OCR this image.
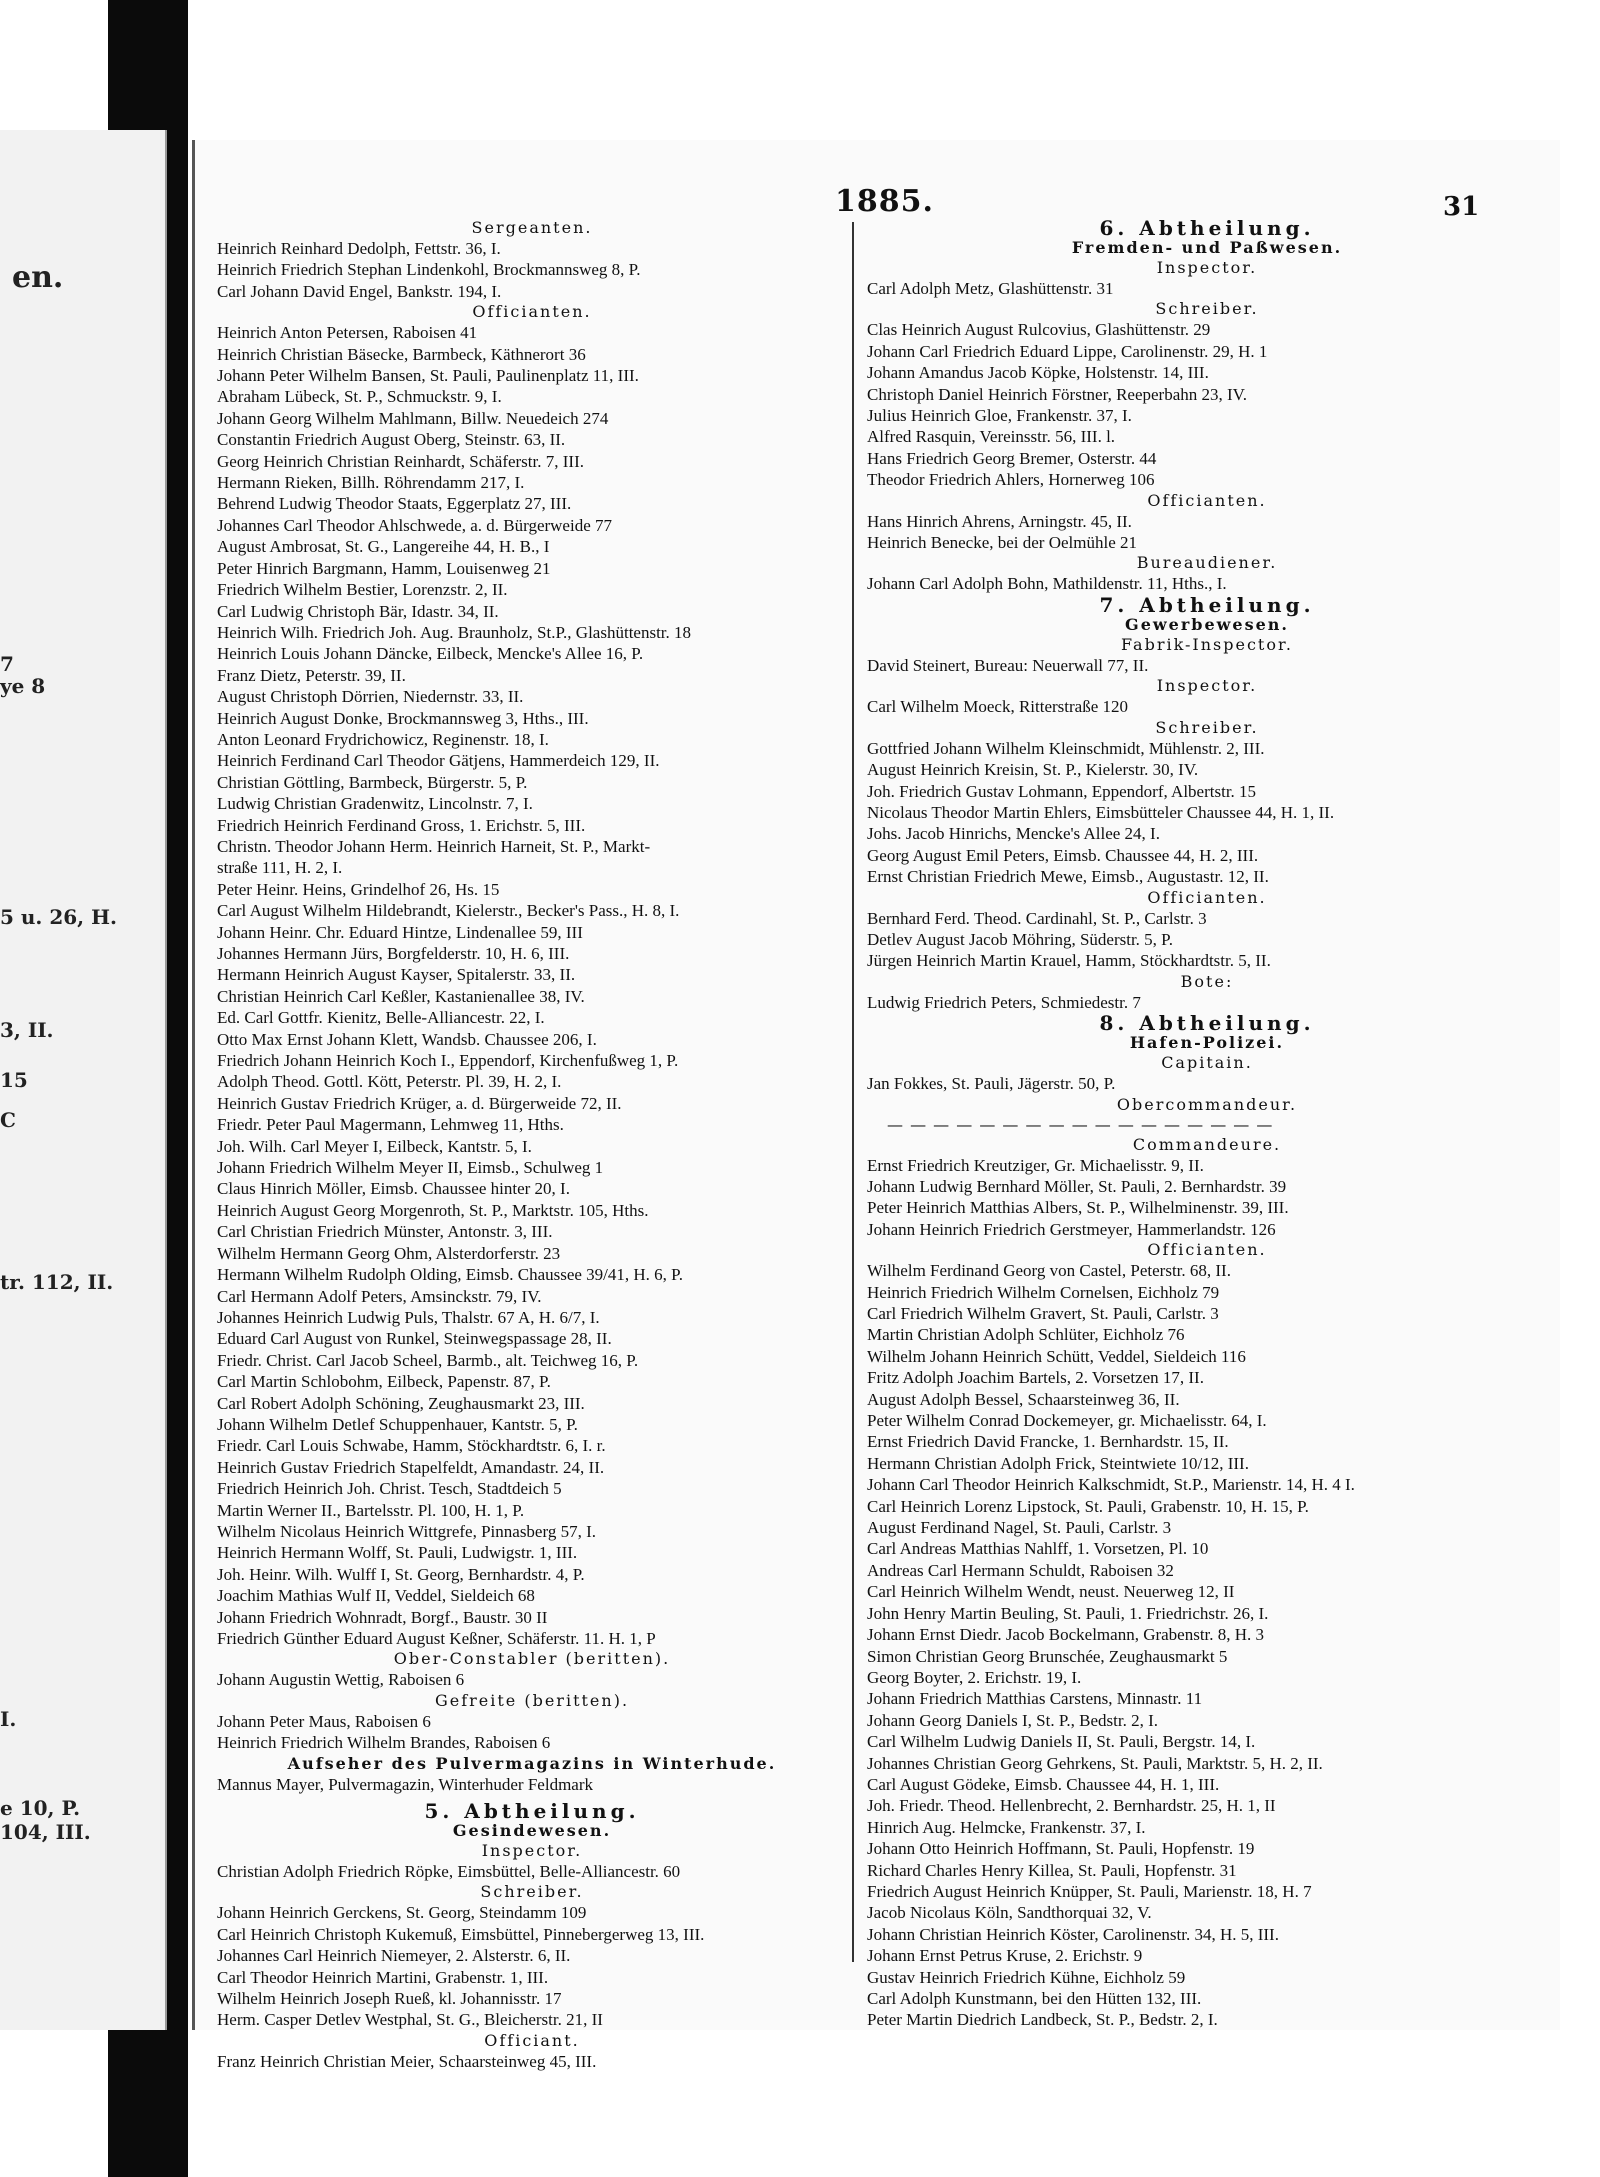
en.
7
ye 8
5 u. 26, H.
3, II.
15
C
tr. 112, II.
I.
e 10, P.
104, III.
1885.	31
Sergeanten.
Heinrich Reinhard Dedolph, Fettstr. 36, I.
Heinrich Friedrich Stephan Lindenkohl, Brockmannsweg 8, P.
Carl Johann David Engel, Bankstr. 194, I.
Officianten.
Heinrich Anton Petersen, Raboisen 41
Heinrich Christian Bäsecke, Barmbeck, Käthnerort 36
Johann Peter Wilhelm Bansen, St. Pauli, Paulinenplatz 11, III.
Abraham Lübeck, St. P., Schmuckstr. 9, I.
Johann Georg Wilhelm Mahlmann, Billw. Neuedeich 274
Constantin Friedrich August Oberg, Steinstr. 63, II.
Georg Heinrich Christian Reinhardt, Schäferstr. 7, III.
Hermann Rieken, Billh. Röhrendamm 217, I.
Behrend Ludwig Theodor Staats, Eggerplatz 27, III.
Johannes Carl Theodor Ahlschwede, a. d. Bürgerweide 77
August Ambrosat, St. G., Langereihe 44, H. B., I
Peter Hinrich Bargmann, Hamm, Louisenweg 21
Friedrich Wilhelm Bestier, Lorenzstr. 2, II.
Carl Ludwig Christoph Bär, Idastr. 34, II.
Heinrich Wilh. Friedrich Joh. Aug. Braunholz, St.P., Glashüttenstr. 18
Heinrich Louis Johann Däncke, Eilbeck, Mencke's Allee 16, P.
Franz Dietz, Peterstr. 39, II.
August Christoph Dörrien, Niedernstr. 33, II.
Heinrich August Donke, Brockmannsweg 3, Hths., III.
Anton Leonard Frydrichowicz, Reginenstr. 18, I.
Heinrich Ferdinand Carl Theodor Gätjens, Hammerdeich 129, II.
Christian Göttling, Barmbeck, Bürgerstr. 5, P.
Ludwig Christian Gradenwitz, Lincolnstr. 7, I.
Friedrich Heinrich Ferdinand Gross, 1. Erichstr. 5, III.
Christn. Theodor Johann Herm. Heinrich Harneit, St. P., Markt-
straße 111, H. 2, I.
Peter Heinr. Heins, Grindelhof 26, Hs. 15
Carl August Wilhelm Hildebrandt, Kielerstr., Becker's Pass., H. 8, I.
Johann Heinr. Chr. Eduard Hintze, Lindenallee 59, III
Johannes Hermann Jürs, Borgfelderstr. 10, H. 6, III.
Hermann Heinrich August Kayser, Spitalerstr. 33, II.
Christian Heinrich Carl Keßler, Kastanienallee 38, IV.
Ed. Carl Gottfr. Kienitz, Belle-Alliancestr. 22, I.
Otto Max Ernst Johann Klett, Wandsb. Chaussee 206, I.
Friedrich Johann Heinrich Koch I., Eppendorf, Kirchenfußweg 1, P.
Adolph Theod. Gottl. Kött, Peterstr. Pl. 39, H. 2, I.
Heinrich Gustav Friedrich Krüger, a. d. Bürgerweide 72, II.
Friedr. Peter Paul Magermann, Lehmweg 11, Hths.
Joh. Wilh. Carl Meyer I, Eilbeck, Kantstr. 5, I.
Johann Friedrich Wilhelm Meyer II, Eimsb., Schulweg 1
Claus Hinrich Möller, Eimsb. Chaussee hinter 20, I.
Heinrich August Georg Morgenroth, St. P., Marktstr. 105, Hths.
Carl Christian Friedrich Münster, Antonstr. 3, III.
Wilhelm Hermann Georg Ohm, Alsterdorferstr. 23
Hermann Wilhelm Rudolph Olding, Eimsb. Chaussee 39/41, H. 6, P.
Carl Hermann Adolf Peters, Amsinckstr. 79, IV.
Johannes Heinrich Ludwig Puls, Thalstr. 67 A, H. 6/7, I.
Eduard Carl August von Runkel, Steinwegspassage 28, II.
Friedr. Christ. Carl Jacob Scheel, Barmb., alt. Teichweg 16, P.
Carl Martin Schlobohm, Eilbeck, Papenstr. 87, P.
Carl Robert Adolph Schöning, Zeughausmarkt 23, III.
Johann Wilhelm Detlef Schuppenhauer, Kantstr. 5, P.
Friedr. Carl Louis Schwabe, Hamm, Stöckhardtstr. 6, I. r.
Heinrich Gustav Friedrich Stapelfeldt, Amandastr. 24, II.
Friedrich Heinrich Joh. Christ. Tesch, Stadtdeich 5
Martin Werner II., Bartelsstr. Pl. 100, H. 1, P.
Wilhelm Nicolaus Heinrich Wittgrefe, Pinnasberg 57, I.
Heinrich Hermann Wolff, St. Pauli, Ludwigstr. 1, III.
Joh. Heinr. Wilh. Wulff I, St. Georg, Bernhardstr. 4, P.
Joachim Mathias Wulf II, Veddel, Sieldeich 68
Johann Friedrich Wohnradt, Borgf., Baustr. 30 II
Friedrich Günther Eduard August Keßner, Schäferstr. 11. H. 1, P
Ober-Constabler (beritten).
Johann Augustin Wettig, Raboisen 6
Gefreite (beritten).
Johann Peter Maus, Raboisen 6
Heinrich Friedrich Wilhelm Brandes, Raboisen 6
Aufseher des Pulvermagazins in Winterhude.
Mannus Mayer, Pulvermagazin, Winterhuder Feldmark
5. Abtheilung.
Gesindewesen.
Inspector.
Christian Adolph Friedrich Röpke, Eimsbüttel, Belle-Alliancestr. 60
Schreiber.
Johann Heinrich Gerckens, St. Georg, Steindamm 109
Carl Heinrich Christoph Kukemuß, Eimsbüttel, Pinnebergerweg 13, III.
Johannes Carl Heinrich Niemeyer, 2. Alsterstr. 6, II.
Carl Theodor Heinrich Martini, Grabenstr. 1, III.
Wilhelm Heinrich Joseph Rueß, kl. Johannisstr. 17
Herm. Casper Detlev Westphal, St. G., Bleicherstr. 21, II
Officiant.
Franz Heinrich Christian Meier, Schaarsteinweg 45, III.
6. Abtheilung.
Fremden- und Paßwesen.
Inspector.
Carl Adolph Metz, Glashüttenstr. 31
Schreiber.
Clas Heinrich August Rulcovius, Glashüttenstr. 29
Johann Carl Friedrich Eduard Lippe, Carolinenstr. 29, H. 1
Johann Amandus Jacob Köpke, Holstenstr. 14, III.
Christoph Daniel Heinrich Förstner, Reeperbahn 23, IV.
Julius Heinrich Gloe, Frankenstr. 37, I.
Alfred Rasquin, Vereinsstr. 56, III. l.
Hans Friedrich Georg Bremer, Osterstr. 44
Theodor Friedrich Ahlers, Hornerweg 106
Officianten.
Hans Hinrich Ahrens, Arningstr. 45, II.
Heinrich Benecke, bei der Oelmühle 21
Bureaudiener.
Johann Carl Adolph Bohn, Mathildenstr. 11, Hths., I.
7. Abtheilung.
Gewerbewesen.
Fabrik-Inspector.
David Steinert, Bureau: Neuerwall 77, II.
Inspector.
Carl Wilhelm Moeck, Ritterstraße 120
Schreiber.
Gottfried Johann Wilhelm Kleinschmidt, Mühlenstr. 2, III.
August Heinrich Kreisin, St. P., Kielerstr. 30, IV.
Joh. Friedrich Gustav Lohmann, Eppendorf, Albertstr. 15
Nicolaus Theodor Martin Ehlers, Eimsbütteler Chaussee 44, H. 1, II.
Johs. Jacob Hinrichs, Mencke's Allee 24, I.
Georg August Emil Peters, Eimsb. Chaussee 44, H. 2, III.
Ernst Christian Friedrich Mewe, Eimsb., Augustastr. 12, II.
Officianten.
Bernhard Ferd. Theod. Cardinahl, St. P., Carlstr. 3
Detlev August Jacob Möhring, Süderstr. 5, P.
Jürgen Heinrich Martin Krauel, Hamm, Stöckhardtstr. 5, II.
Bote:
Ludwig Friedrich Peters, Schmiedestr. 7
8. Abtheilung.
Hafen-Polizei.
Capitain.
Jan Fokkes, St. Pauli, Jägerstr. 50, P.
Obercommandeur.
— — — — — — — — — — — — — — — — —
Commandeure.
Ernst Friedrich Kreutziger, Gr. Michaelisstr. 9, II.
Johann Ludwig Bernhard Möller, St. Pauli, 2. Bernhardstr. 39
Peter Heinrich Matthias Albers, St. P., Wilhelminenstr. 39, III.
Johann Heinrich Friedrich Gerstmeyer, Hammerlandstr. 126
Officianten.
Wilhelm Ferdinand Georg von Castel, Peterstr. 68, II.
Heinrich Friedrich Wilhelm Cornelsen, Eichholz 79
Carl Friedrich Wilhelm Gravert, St. Pauli, Carlstr. 3
Martin Christian Adolph Schlüter, Eichholz 76
Wilhelm Johann Heinrich Schütt, Veddel, Sieldeich 116
Fritz Adolph Joachim Bartels, 2. Vorsetzen 17, II.
August Adolph Bessel, Schaarsteinweg 36, II.
Peter Wilhelm Conrad Dockemeyer, gr. Michaelisstr. 64, I.
Ernst Friedrich David Francke, 1. Bernhardstr. 15, II.
Hermann Christian Adolph Frick, Steintwiete 10/12, III.
Johann Carl Theodor Heinrich Kalkschmidt, St.P., Marienstr. 14, H. 4 I.
Carl Heinrich Lorenz Lipstock, St. Pauli, Grabenstr. 10, H. 15, P.
August Ferdinand Nagel, St. Pauli, Carlstr. 3
Carl Andreas Matthias Nahlff, 1. Vorsetzen, Pl. 10
Andreas Carl Hermann Schuldt, Raboisen 32
Carl Heinrich Wilhelm Wendt, neust. Neuerweg 12, II
John Henry Martin Beuling, St. Pauli, 1. Friedrichstr. 26, I.
Johann Ernst Diedr. Jacob Bockelmann, Grabenstr. 8, H. 3
Simon Christian Georg Brunschée, Zeughausmarkt 5
Georg Boyter, 2. Erichstr. 19, I.
Johann Friedrich Matthias Carstens, Minnastr. 11
Johann Georg Daniels I, St. P., Bedstr. 2, I.
Carl Wilhelm Ludwig Daniels II, St. Pauli, Bergstr. 14, I.
Johannes Christian Georg Gehrkens, St. Pauli, Marktstr. 5, H. 2, II.
Carl August Gödeke, Eimsb. Chaussee 44, H. 1, III.
Joh. Friedr. Theod. Hellenbrecht, 2. Bernhardstr. 25, H. 1, II
Hinrich Aug. Helmcke, Frankenstr. 37, I.
Johann Otto Heinrich Hoffmann, St. Pauli, Hopfenstr. 19
Richard Charles Henry Killea, St. Pauli, Hopfenstr. 31
Friedrich August Heinrich Knüpper, St. Pauli, Marienstr. 18, H. 7
Jacob Nicolaus Köln, Sandthorquai 32, V.
Johann Christian Heinrich Köster, Carolinenstr. 34, H. 5, III.
Johann Ernst Petrus Kruse, 2. Erichstr. 9
Gustav Heinrich Friedrich Kühne, Eichholz 59
Carl Adolph Kunstmann, bei den Hütten 132, III.
Peter Martin Diedrich Landbeck, St. P., Bedstr. 2, I.
